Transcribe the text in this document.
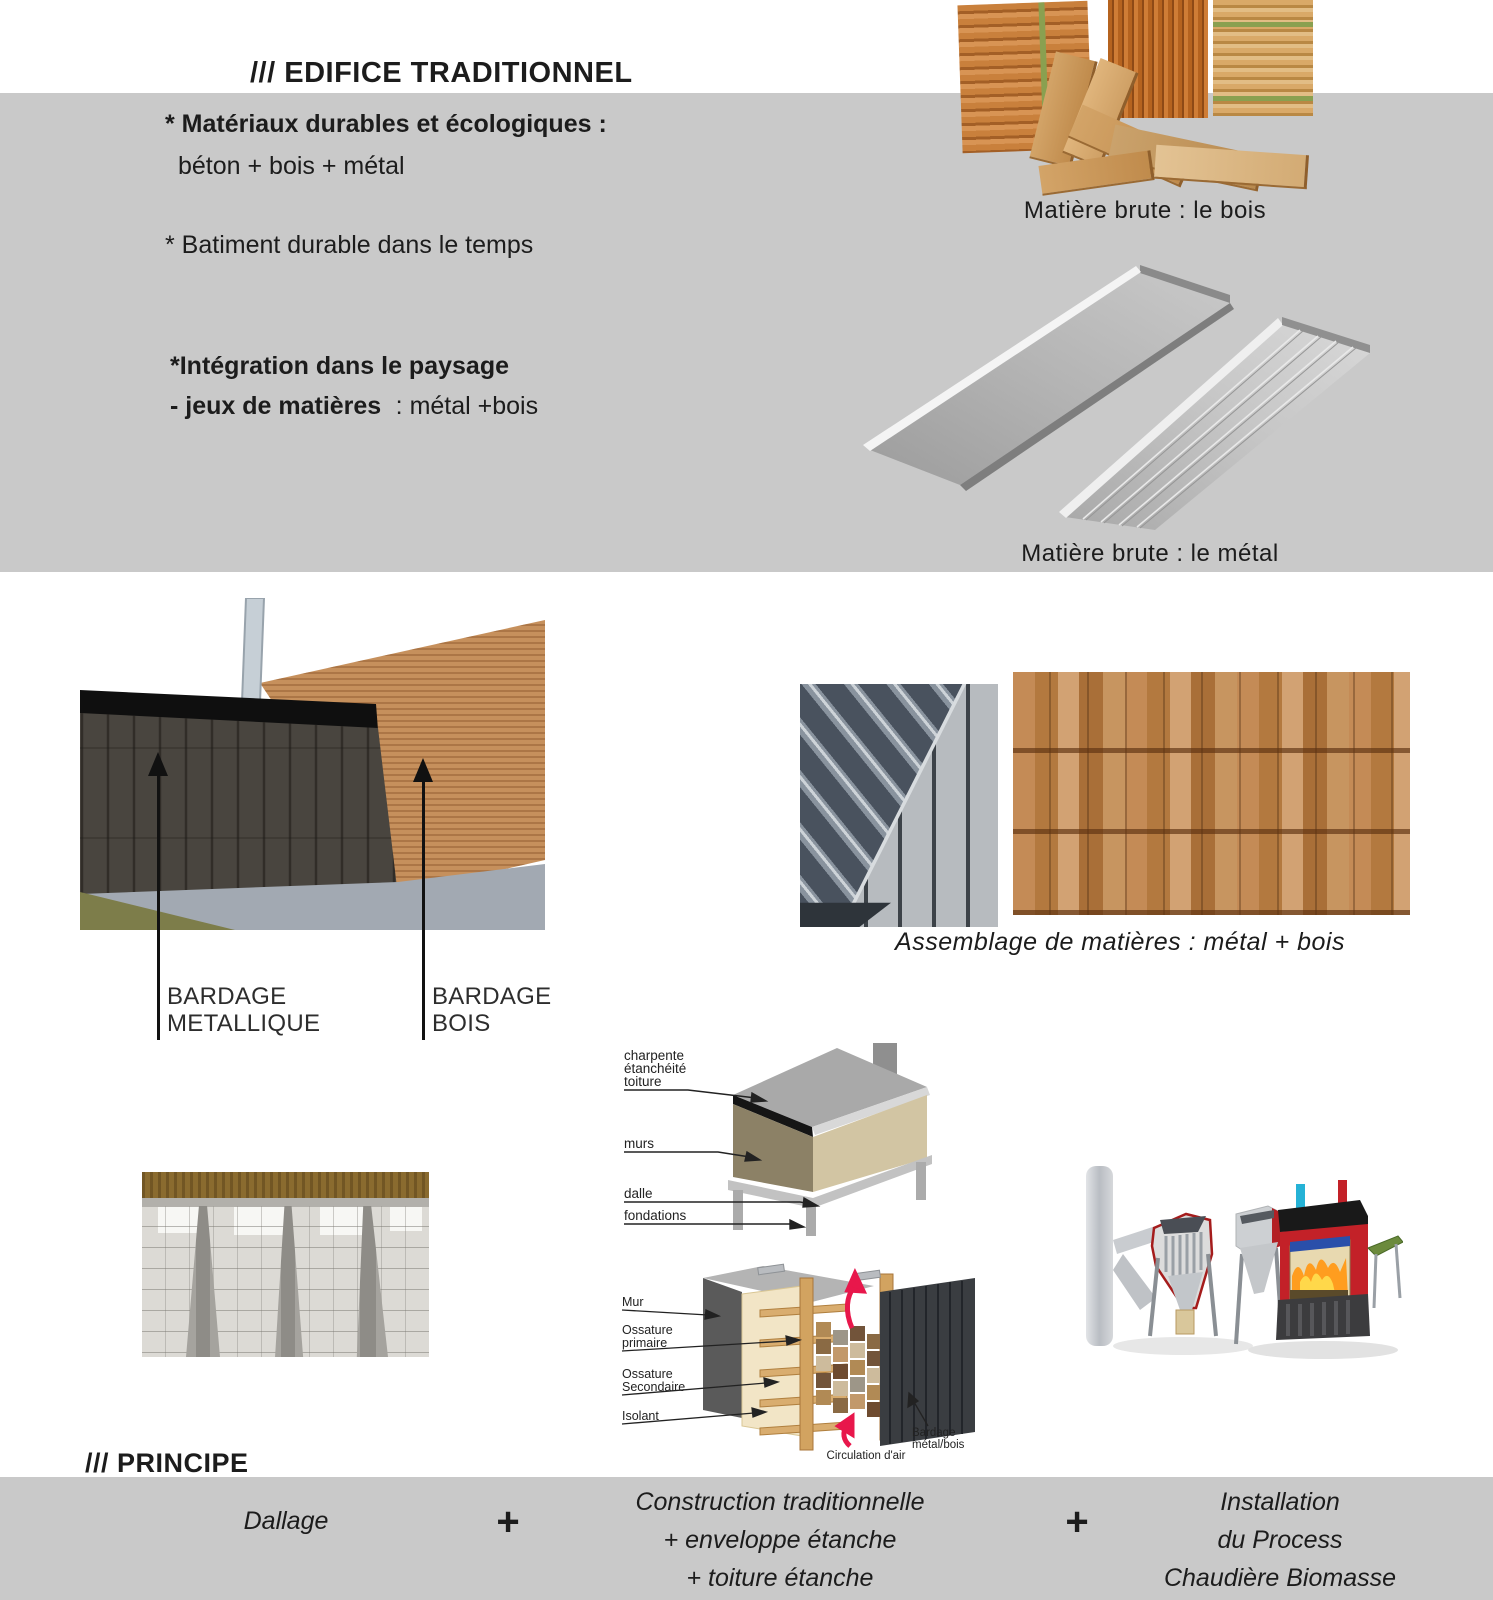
/// EDIFICE TRADITIONNEL
* Matériaux durables et écologiques :
béton + bois + métal
* Batiment durable dans le temps
*Intégration dans le paysage
- jeux de matières : métal +bois
Matière brute : le bois
Matière brute : le métal
BARDAGE
METALLIQUE
BARDAGE
BOIS
Assemblage de matières : métal + bois
charpente
étanchéité
toiture
murs
dalle
fondations
Mur
Ossature
primaire
Ossature
Secondaire
Isolant
Bardage
métal/bois
Circulation d'air
/// PRINCIPE
Dallage	+	Construction traditionnelle
+ enveloppe étanche
+ toiture étanche
+	Installation
du Process
Chaudière Biomasse
